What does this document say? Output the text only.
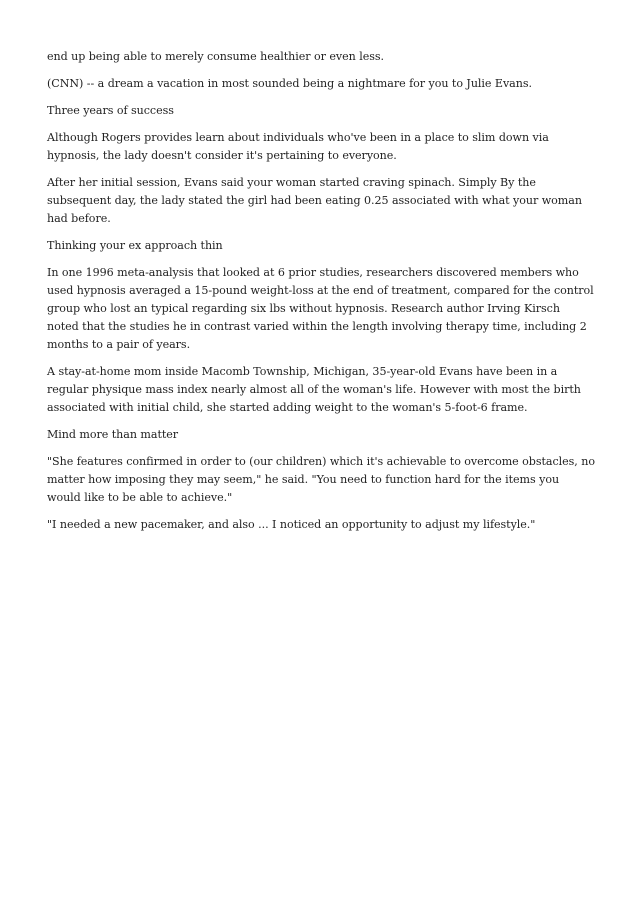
end up being able to merely consume healthier or even less.

(CNN) -- a dream a vacation in most sounded being a nightmare for you to Julie Evans.

Three years of success

Although Rogers provides learn about individuals who've been in a place to slim down via hypnosis, the lady doesn't consider it's pertaining to everyone.

After her initial session, Evans said your woman started craving spinach. Simply By the subsequent day, the lady stated the girl had been eating 0.25 associated with what your woman had before.

Thinking your ex approach thin

In one 1996 meta-analysis that looked at 6 prior studies, researchers discovered members who used hypnosis averaged a 15-pound weight-loss at the end of treatment, compared for the control group who lost an typical regarding six lbs without hypnosis. Research author Irving Kirsch noted that the studies he in contrast varied within the length involving therapy time, including 2 months to a pair of years.

A stay-at-home mom inside Macomb Township, Michigan, 35-year-old Evans have been in a regular physique mass index nearly almost all of the woman's life. However with most the birth associated with initial child, she started adding weight to the woman's 5-foot-6 frame.

Mind more than matter

"She features confirmed in order to (our children) which it's achievable to overcome obstacles, no matter how imposing they may seem," he said. "You need to function hard for the items you would like to be able to achieve."

"I needed a new pacemaker, and also ... I noticed an opportunity to adjust my lifestyle."
